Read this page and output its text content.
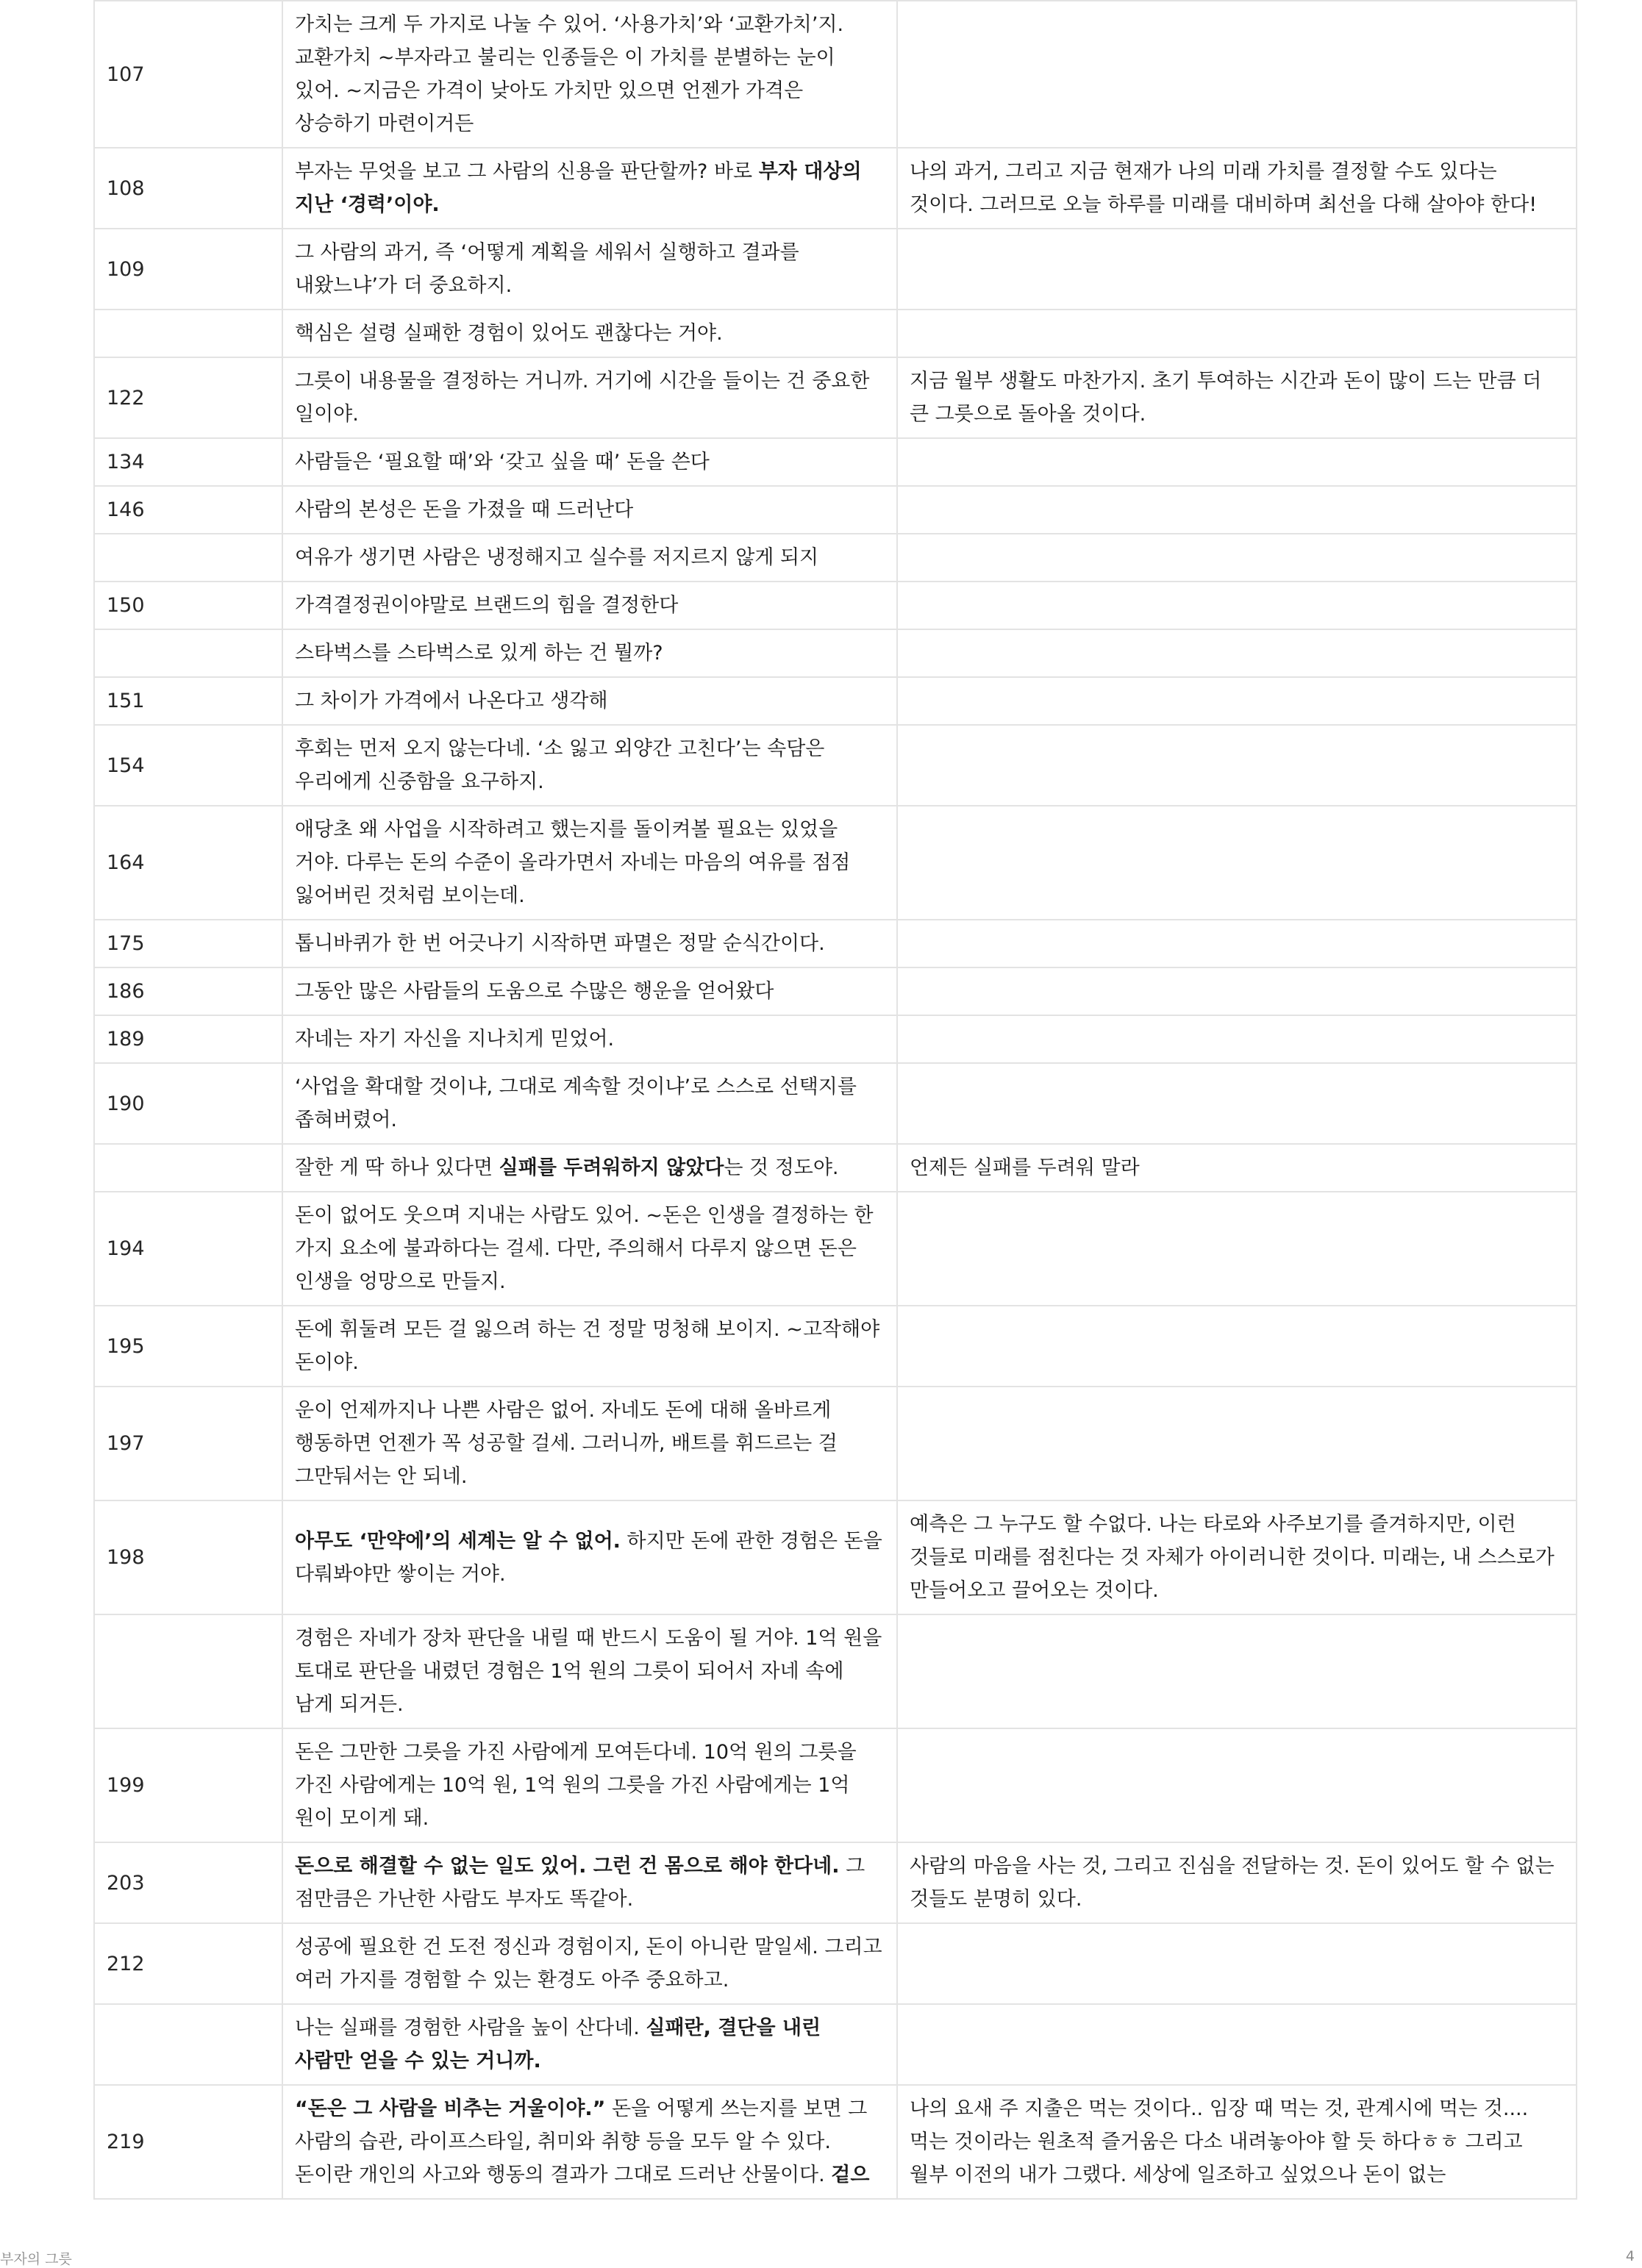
107	가치는 크게 두 가지로 나눌 수 있어. ‘사용가치’와 ‘교환가치’지. 교환가치 ~부자라고 불리는 인종들은 이 가치를 분별하는 눈이 있어. ~지금은 가격이 낮아도 가치만 있으면 언젠가 가격은 상승하기 마련이거든	
108	부자는 무엇을 보고 그 사람의 신용을 판단할까? 바로 부자 대상의 지난 ‘경력’이야.	나의 과거, 그리고 지금 현재가 나의 미래 가치를 결정할 수도 있다는 것이다. 그러므로 오늘 하루를 미래를 대비하며 최선을 다해 살아야 한다!
109	그 사람의 과거, 즉 ‘어떻게 계획을 세워서 실행하고 결과를 내왔느냐’가 더 중요하지.	
	핵심은 설령 실패한 경험이 있어도 괜찮다는 거야.	
122	그릇이 내용물을 결정하는 거니까. 거기에 시간을 들이는 건 중요한 일이야.	지금 월부 생활도 마찬가지. 초기 투여하는 시간과 돈이 많이 드는 만큼 더 큰 그릇으로 돌아올 것이다.
134	사람들은 ‘필요할 때’와 ‘갖고 싶을 때’ 돈을 쓴다	
146	사람의 본성은 돈을 가졌을 때 드러난다	
	여유가 생기면 사람은 냉정해지고 실수를 저지르지 않게 되지	
150	가격결정권이야말로 브랜드의 힘을 결정한다	
	스타벅스를 스타벅스로 있게 하는 건 뭘까?	
151	그 차이가 가격에서 나온다고 생각해	
154	후회는 먼저 오지 않는다네. ‘소 잃고 외양간 고친다’는 속담은 우리에게 신중함을 요구하지.	
164	애당초 왜 사업을 시작하려고 했는지를 돌이켜볼 필요는 있었을 거야. 다루는 돈의 수준이 올라가면서 자네는 마음의 여유를 점점 잃어버린 것처럼 보이는데.	
175	톱니바퀴가 한 번 어긋나기 시작하면 파멸은 정말 순식간이다.	
186	그동안 많은 사람들의 도움으로 수많은 행운을 얻어왔다	
189	자네는 자기 자신을 지나치게 믿었어.	
190	‘사업을 확대할 것이냐, 그대로 계속할 것이냐’로 스스로 선택지를 좁혀버렸어.	
	잘한 게 딱 하나 있다면 실패를 두려워하지 않았다는 것 정도야.	언제든 실패를 두려워 말라
194	돈이 없어도 웃으며 지내는 사람도 있어. ~돈은 인생을 결정하는 한 가지 요소에 불과하다는 걸세. 다만, 주의해서 다루지 않으면 돈은 인생을 엉망으로 만들지.	
195	돈에 휘둘려 모든 걸 잃으려 하는 건 정말 멍청해 보이지. ~고작해야 돈이야.	
197	운이 언제까지나 나쁜 사람은 없어. 자네도 돈에 대해 올바르게 행동하면 언젠가 꼭 성공할 걸세. 그러니까, 배트를 휘드르는 걸 그만둬서는 안 되네.	
198	아무도 ‘만약에’의 세계는 알 수 없어. 하지만 돈에 관한 경험은 돈을 다뤄봐야만 쌓이는 거야.	예측은 그 누구도 할 수없다. 나는 타로와 사주보기를 즐겨하지만, 이런 것들로 미래를 점친다는 것 자체가 아이러니한 것이다. 미래는, 내 스스로가 만들어오고 끌어오는 것이다.
	경험은 자네가 장차 판단을 내릴 때 반드시 도움이 될 거야. 1억 원을 토대로 판단을 내렸던 경험은 1억 원의 그릇이 되어서 자네 속에 남게 되거든.	
199	돈은 그만한 그릇을 가진 사람에게 모여든다네. 10억 원의 그릇을 가진 사람에게는 10억 원, 1억 원의 그릇을 가진 사람에게는 1억 원이 모이게 돼.	
203	돈으로 해결할 수 없는 일도 있어. 그런 건 몸으로 해야 한다네. 그 점만큼은 가난한 사람도 부자도 똑같아.	사람의 마음을 사는 것, 그리고 진심을 전달하는 것. 돈이 있어도 할 수 없는 것들도 분명히 있다.
212	성공에 필요한 건 도전 정신과 경험이지, 돈이 아니란 말일세. 그리고 여러 가지를 경험할 수 있는 환경도 아주 중요하고.	
	나는 실패를 경험한 사람을 높이 산다네. 실패란, 결단을 내린 사람만 얻을 수 있는 거니까.	
219	“돈은 그 사람을 비추는 거울이야.” 돈을 어떻게 쓰는지를 보면 그 사람의 습관, 라이프스타일, 취미와 취향 등을 모두 알 수 있다. 돈이란 개인의 사고와 행동의 결과가 그대로 드러난 산물이다. 겉으	나의 요새 주 지출은 먹는 것이다.. 임장 때 먹는 것, 관계시에 먹는 것.... 먹는 것이라는 원초적 즐거움은 다소 내려놓아야 할 듯 하다ㅎㅎ 그리고 월부 이전의 내가 그랬다. 세상에 일조하고 싶었으나 돈이 없는
부자의 그릇	4
